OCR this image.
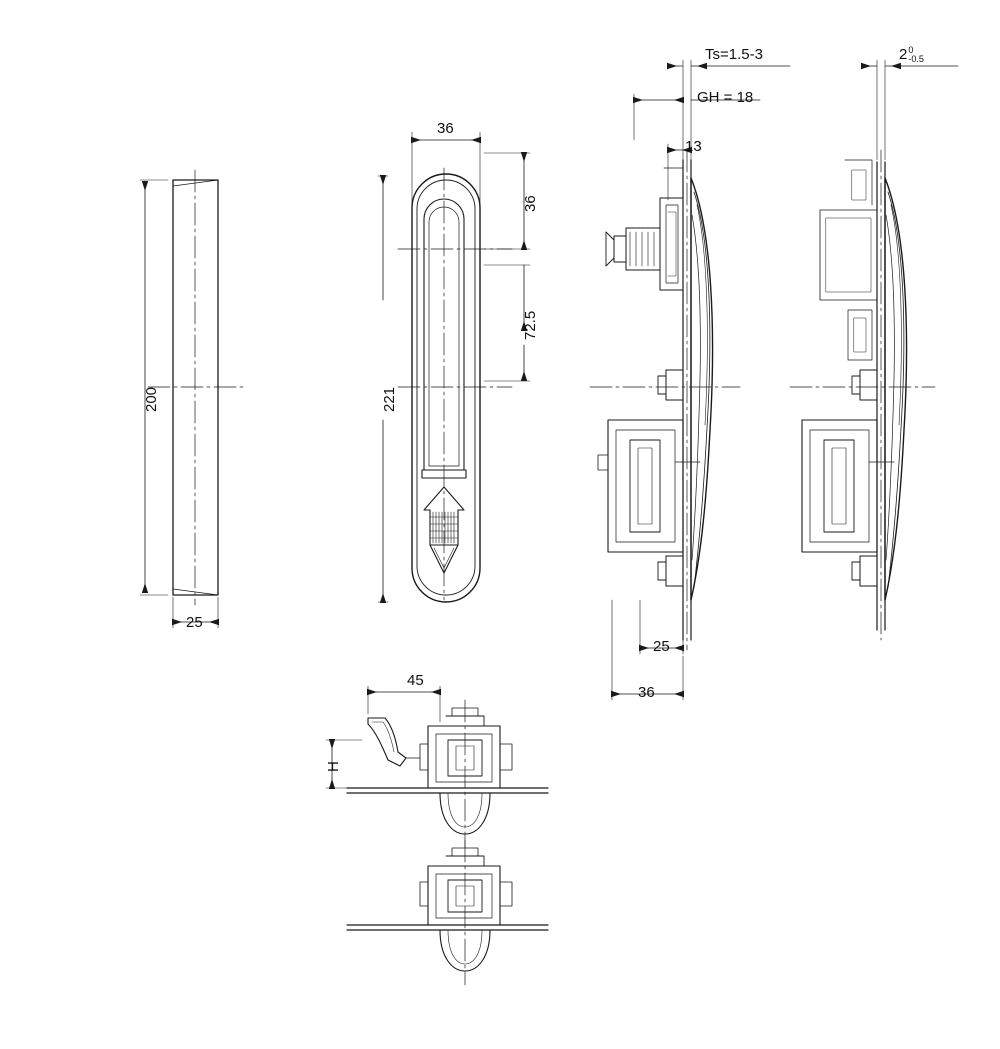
200
25
36
36
72.5
221
Ts=1.5-3
GH = 18
13
25
36
2 0
-0.5
45
H
